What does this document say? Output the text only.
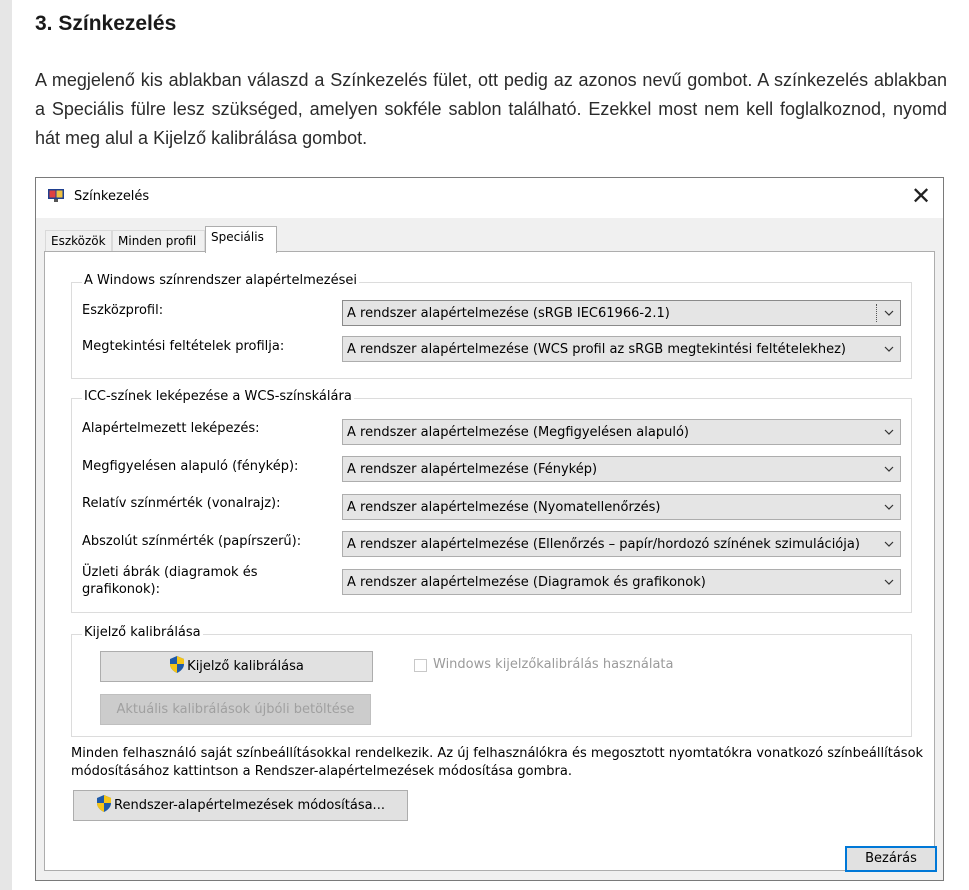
3. Színkezelés
A megjelenő kis ablakban válaszd a Színkezelés fület, ott pedig az azonos nevű gombot. A színkezelés ablakban a Speciális fülre lesz szükséged, amelyen sokféle sablon található. Ezekkel most nem kell foglalkoznod, nyomd hát meg alul a Kijelző kalibrálása gombot.
Színkezelés	✕
Eszközök	Minden profil	Speciális
A Windows színrendszer alapértelmezései
Eszközprofil:	A rendszer alapértelmezése (sRGB IEC61966-2.1)
Megtekintési feltételek profilja:	A rendszer alapértelmezése (WCS profil az sRGB megtekintési feltételekhez)
ICC-színek leképezése a WCS-színskálára
Alapértelmezett leképezés:	A rendszer alapértelmezése (Megfigyelésen alapuló)
Megfigyelésen alapuló (fénykép):	A rendszer alapértelmezése (Fénykép)
Relatív színmérték (vonalrajz):	A rendszer alapértelmezése (Nyomatellenőrzés)
Abszolút színmérték (papírszerű):	A rendszer alapértelmezése (Ellenőrzés – papír/hordozó színének szimulációja)
Üzleti ábrák (diagramok és
grafikonok):	A rendszer alapértelmezése (Diagramok és grafikonok)
Kijelző kalibrálása
Kijelző kalibrálása	Windows kijelzőkalibrálás használata
Aktuális kalibrálások újbóli betöltése
Minden felhasználó saját színbeállításokkal rendelkezik. Az új felhasználókra és megosztott nyomtatókra vonatkozó színbeállítások
módosításához kattintson a Rendszer-alapértelmezések módosítása gombra.
Rendszer-alapértelmezések módosítása...
Bezárás
